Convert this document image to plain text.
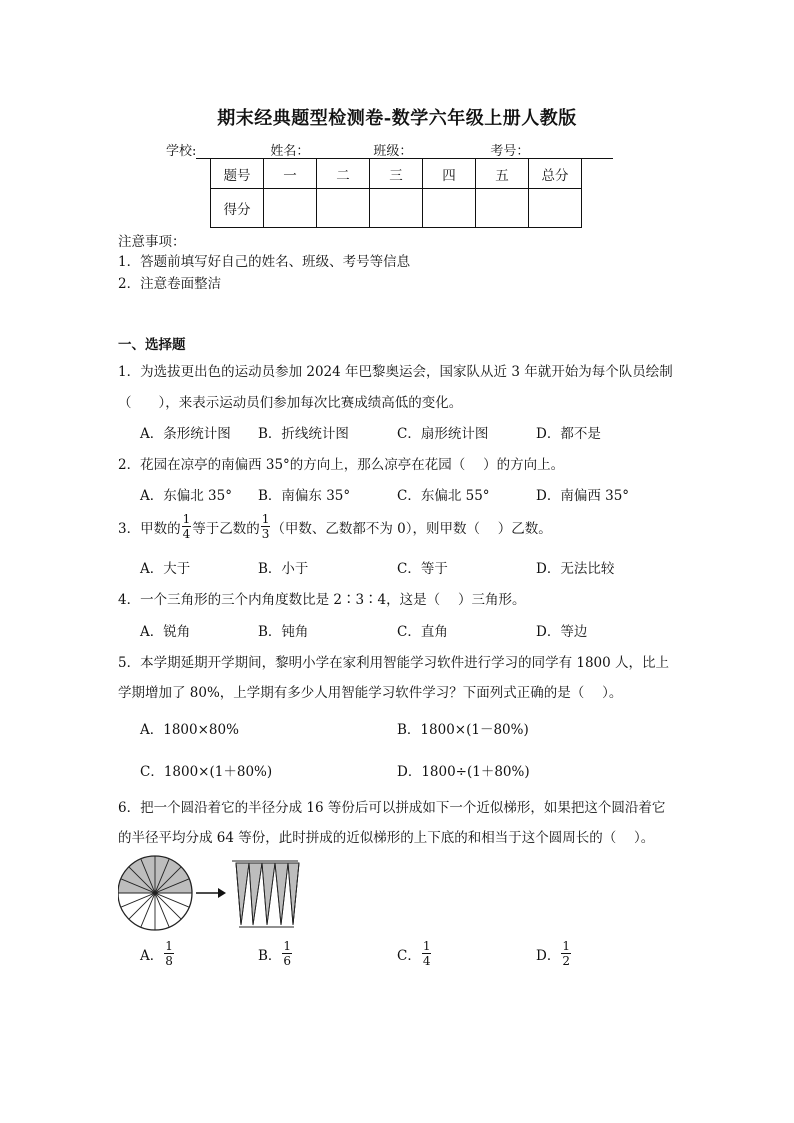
期末经典题型检测卷-数学六年级上册人教版
学校:	姓名：	班级：	考号：
题号	一	二	三	四	五	总分
得分						
注意事项：
1．答题前填写好自己的姓名、班级、考号等信息
2．注意卷面整洁
一、选择题
1．为选拔更出色的运动员参加 2024 年巴黎奥运会，国家队从近 3 年就开始为每个队员绘制
（　　），来表示运动员们参加每次比赛成绩高低的变化。
A．条形统计图 B．折线统计图	C．扇形统计图	D．都不是
2．花园在凉亭的南偏西 35°的方向上，那么凉亭在花园（　 ）的方向上。
A．东偏北 35° B．南偏东 35°	C．东偏北 55°	D．南偏西 35°
3．甲数的 $\frac{1}{4}$ 等于乙数的 $\frac{1}{3}$ （甲数、乙数都不为 0），则甲数（　 ）乙数。
A．大于	B．小于	C．等于	D．无法比较
4．一个三角形的三个内角度数比是 2∶3∶4，这是（　 ）三角形。
A．锐角	B．钝角	C．直角	D．等边
5．本学期延期开学期间，黎明小学在家利用智能学习软件进行学习的同学有 1800 人，比上
学期增加了 80%，上学期有多少人用智能学习软件学习？下面列式正确的是（　 ）。
A．1800×80%	B．1800×(1－80%)
C．1800×(1＋80%)	D．1800÷(1＋80%)
6．把一个圆沿着它的半径分成 16 等份后可以拼成如下一个近似梯形，如果把这个圆沿着它
的半径平均分成 64 等份，此时拼成的近似梯形的上下底的和相当于这个圆周长的（　 ）。
A． $\frac{1}{8}$	B． $\frac{1}{6}$	C． $\frac{1}{4}$	D． $\frac{1}{2}$
